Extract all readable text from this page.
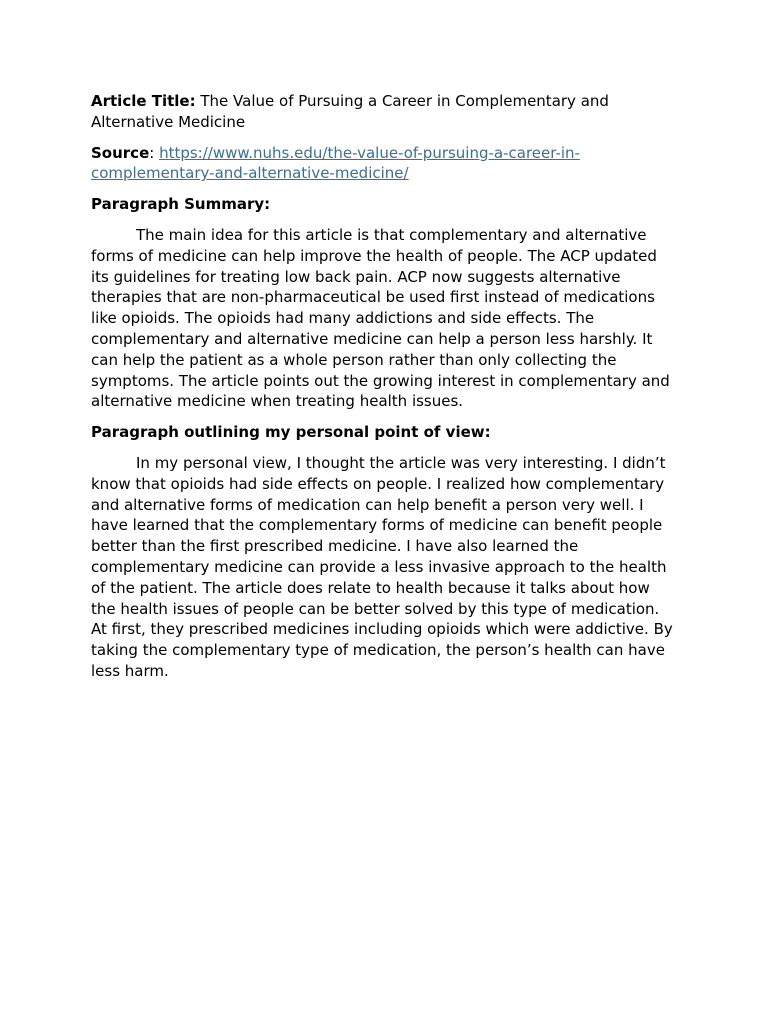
Article Title: The Value of Pursuing a Career in Complementary and Alternative Medicine

Source: https://www.nuhs.edu/the-value-of-pursuing-a-career-in-complementary-and-alternative-medicine/

Paragraph Summary:

The main idea for this article is that complementary and alternative forms of medicine can help improve the health of people. The ACP updated its guidelines for treating low back pain. ACP now suggests alternative therapies that are non-pharmaceutical be used first instead of medications like opioids. The opioids had many addictions and side effects. The complementary and alternative medicine can help a person less harshly. It can help the patient as a whole person rather than only collecting the symptoms. The article points out the growing interest in complementary and alternative medicine when treating health issues.

Paragraph outlining my personal point of view:

In my personal view, I thought the article was very interesting. I didn’t know that opioids had side effects on people. I realized how complementary and alternative forms of medication can help benefit a person very well. I have learned that the complementary forms of medicine can benefit people better than the first prescribed medicine. I have also learned the complementary medicine can provide a less invasive approach to the health of the patient. The article does relate to health because it talks about how the health issues of people can be better solved by this type of medication. At first, they prescribed medicines including opioids which were addictive. By taking the complementary type of medication, the person’s health can have less harm.
